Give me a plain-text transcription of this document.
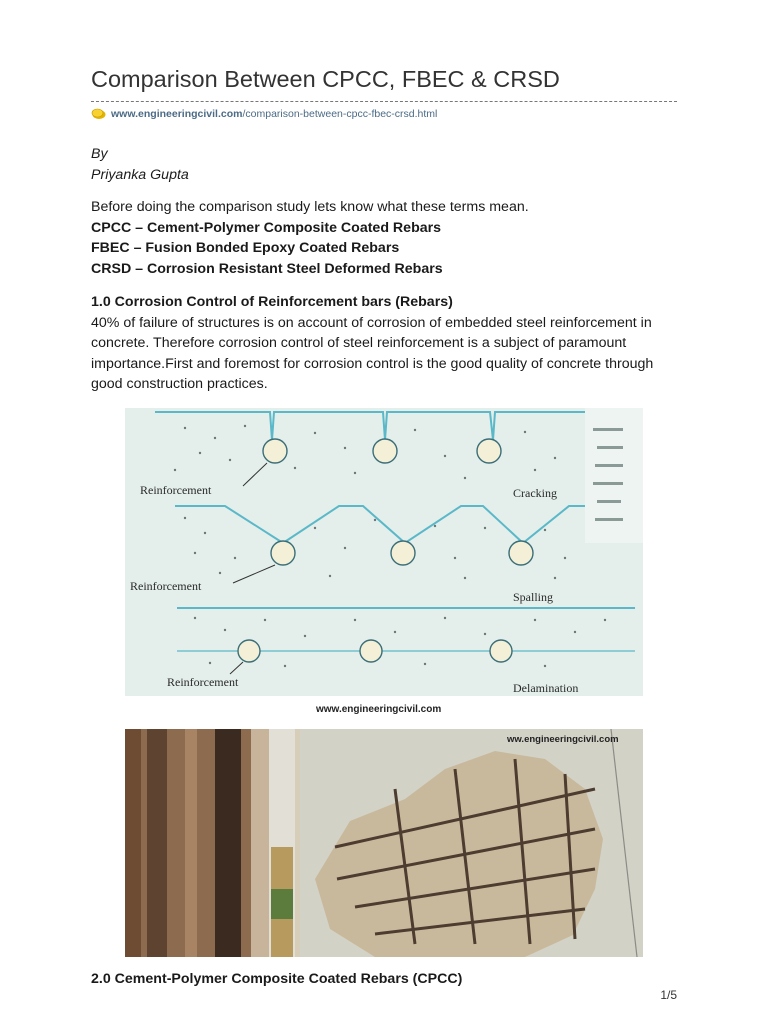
Comparison Between CPCC, FBEC & CRSD
www.engineeringcivil.com/comparison-between-cpcc-fbec-crsd.html
By
Priyanka Gupta
Before doing the comparison study lets know what these terms mean.
CPCC – Cement-Polymer Composite Coated Rebars
FBEC – Fusion Bonded Epoxy Coated Rebars
CRSD – Corrosion Resistant Steel Deformed Rebars
1.0 Corrosion Control of Reinforcement bars (Rebars)
40% of failure of structures is on account of corrosion of embedded steel reinforcement in concrete. Therefore corrosion control of steel reinforcement is a subject of paramount importance.First and foremost for corrosion control is the good quality of concrete through good construction practices.
Reinforcement	Cracking
Reinforcement
Spalling
Reinforcement	Delamination
www.engineeringcivil.com
ww.engineeringcivil.com
2.0 Cement-Polymer Composite Coated Rebars (CPCC)
1/5
